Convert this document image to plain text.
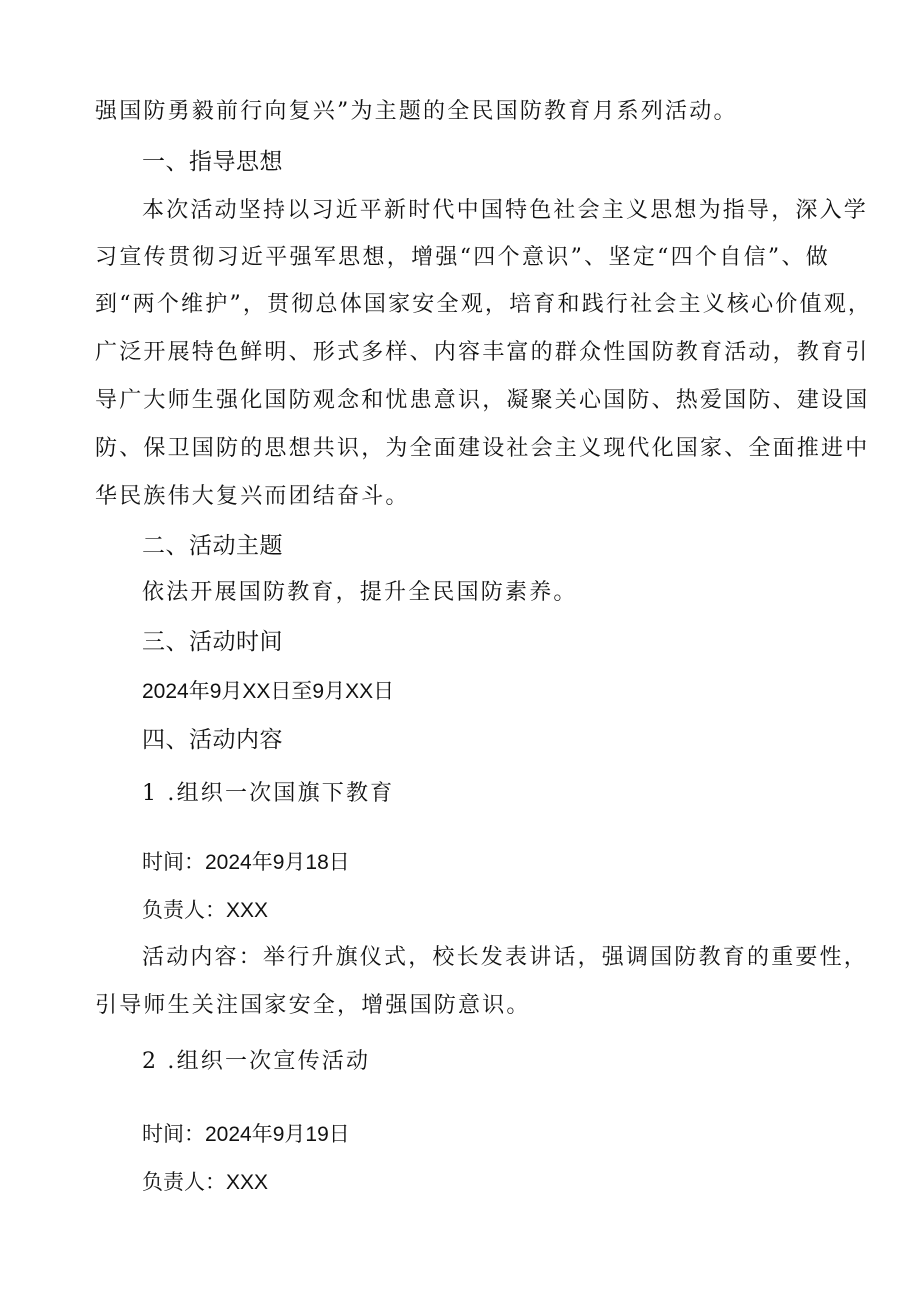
强国防勇毅前行向复兴”为主题的全民国防教育月系列活动。
一、指导思想
本次活动坚持以习近平新时代中国特色社会主义思想为指导，深入学
习宣传贯彻习近平强军思想，增强“四个意识”、坚定“四个自信”、做
到“两个维护”，贯彻总体国家安全观，培育和践行社会主义核心价值观，
广泛开展特色鲜明、形式多样、内容丰富的群众性国防教育活动，教育引
导广大师生强化国防观念和忧患意识，凝聚关心国防、热爱国防、建设国
防、保卫国防的思想共识，为全面建设社会主义现代化国家、全面推进中
华民族伟大复兴而团结奋斗。
二、活动主题
依法开展国防教育，提升全民国防素养。
三、活动时间
2024年9月XX日至9月XX日
四、活动内容
1 .组织一次国旗下教育
时间：2024年9月18日
负责人：XXX
活动内容：举行升旗仪式，校长发表讲话，强调国防教育的重要性，
引导师生关注国家安全，增强国防意识。
2 .组织一次宣传活动
时间：2024年9月19日
负责人：XXX
